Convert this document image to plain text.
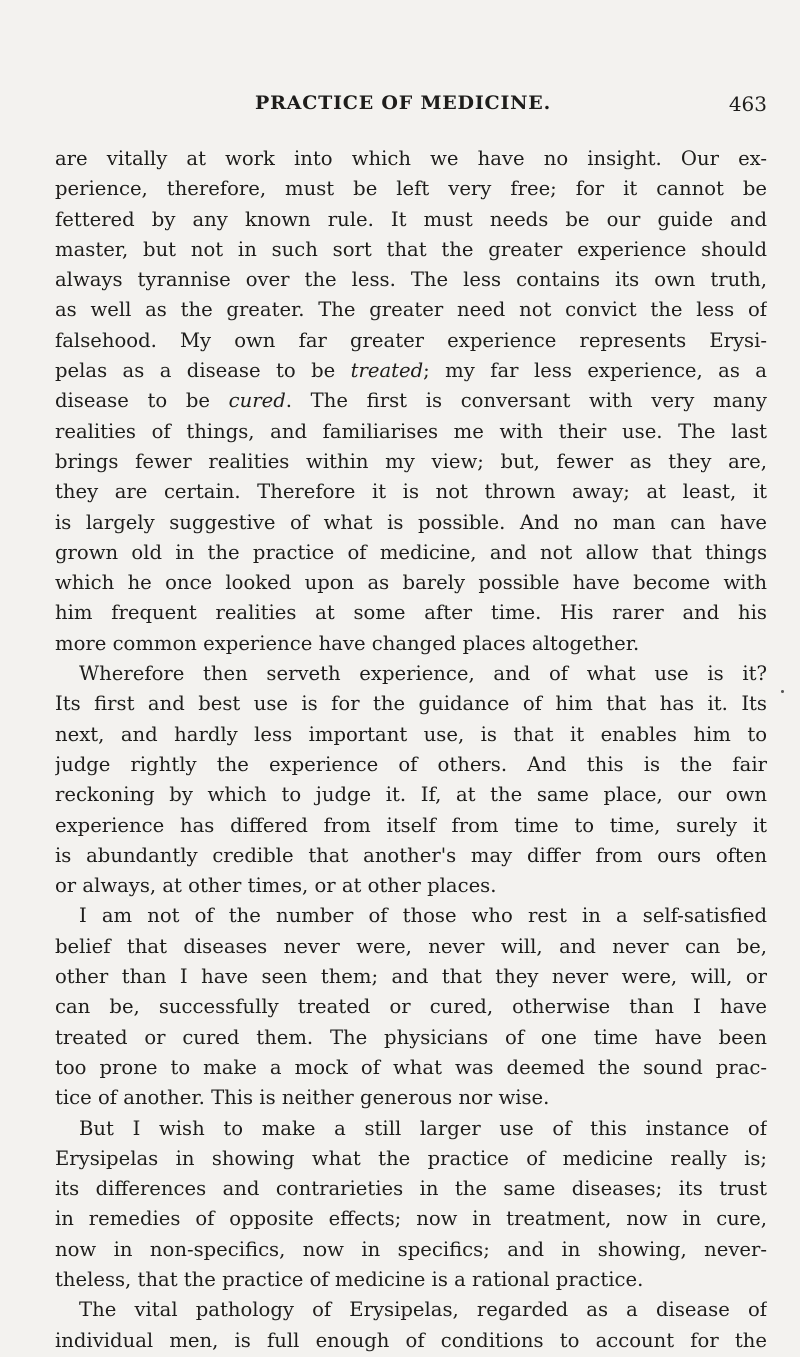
PRACTICE OF MEDICINE.	463
are vitally at work into which we have no insight. Our ex-
perience, therefore, must be left very free; for it cannot be
fettered by any known rule. It must needs be our guide and
master, but not in such sort that the greater experience should
always tyrannise over the less. The less contains its own truth,
as well as the greater. The greater need not convict the less of
falsehood. My own far greater experience represents Erysi-
pelas as a disease to be treated; my far less experience, as a
disease to be cured. The first is conversant with very many
realities of things, and familiarises me with their use. The last
brings fewer realities within my view; but, fewer as they are,
they are certain. Therefore it is not thrown away; at least, it
is largely suggestive of what is possible. And no man can have
grown old in the practice of medicine, and not allow that things
which he once looked upon as barely possible have become with
him frequent realities at some after time. His rarer and his
more common experience have changed places altogether.
Wherefore then serveth experience, and of what use is it?
Its first and best use is for the guidance of him that has it. Its
next, and hardly less important use, is that it enables him to
judge rightly the experience of others. And this is the fair
reckoning by which to judge it. If, at the same place, our own
experience has differed from itself from time to time, surely it
is abundantly credible that another's may differ from ours often
or always, at other times, or at other places.
I am not of the number of those who rest in a self-satisfied
belief that diseases never were, never will, and never can be,
other than I have seen them; and that they never were, will, or
can be, successfully treated or cured, otherwise than I have
treated or cured them. The physicians of one time have been
too prone to make a mock of what was deemed the sound prac-
tice of another. This is neither generous nor wise.
But I wish to make a still larger use of this instance of
Erysipelas in showing what the practice of medicine really is;
its differences and contrarieties in the same diseases; its trust
in remedies of opposite effects; now in treatment, now in cure,
now in non-specifics, now in specifics; and in showing, never-
theless, that the practice of medicine is a rational practice.
The vital pathology of Erysipelas, regarded as a disease of
individual men, is full enough of conditions to account for the
